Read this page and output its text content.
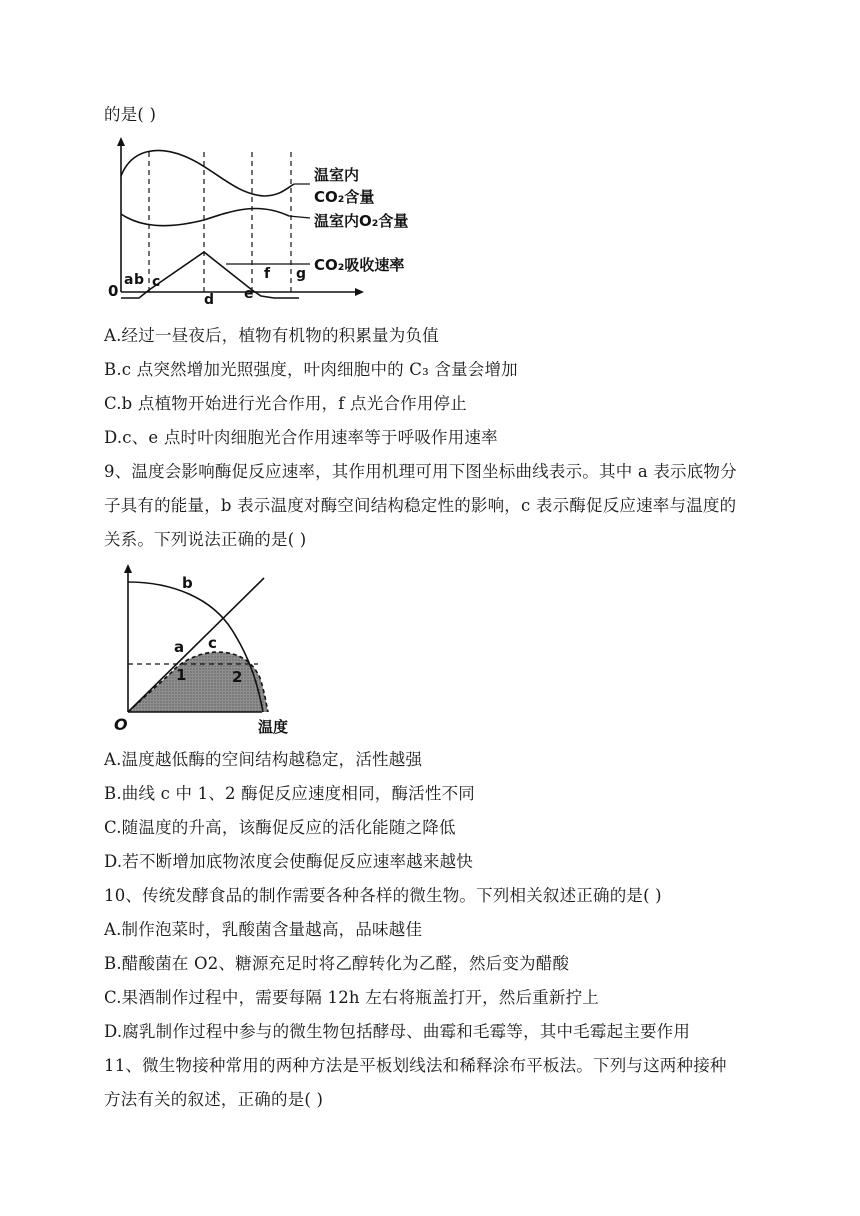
的是( )
温室内
CO₂含量
温室内O₂含量
CO₂吸收速率
0
a b c
d e
f g
A.经过一昼夜后，植物有机物的积累量为负值
B.c 点突然增加光照强度，叶肉细胞中的 C₃ 含量会增加
C.b 点植物开始进行光合作用，f 点光合作用停止
D.c、e 点时叶肉细胞光合作用速率等于呼吸作用速率
9、温度会影响酶促反应速率，其作用机理可用下图坐标曲线表示。其中 a 表示底物分
子具有的能量，b 表示温度对酶空间结构稳定性的影响，c 表示酶促反应速率与温度的
关系。下列说法正确的是( )
b
a c
1	2
O	温度
A.温度越低酶的空间结构越稳定，活性越强
B.曲线 c 中 1、2 酶促反应速度相同，酶活性不同
C.随温度的升高，该酶促反应的活化能随之降低
D.若不断增加底物浓度会使酶促反应速率越来越快
10、传统发酵食品的制作需要各种各样的微生物。下列相关叙述正确的是( )
A.制作泡菜时，乳酸菌含量越高，品味越佳
B.醋酸菌在 O2、糖源充足时将乙醇转化为乙醛，然后变为醋酸
C.果酒制作过程中，需要每隔 12h 左右将瓶盖打开，然后重新拧上
D.腐乳制作过程中参与的微生物包括酵母、曲霉和毛霉等，其中毛霉起主要作用
11、微生物接种常用的两种方法是平板划线法和稀释涂布平板法。下列与这两种接种
方法有关的叙述，正确的是( )
